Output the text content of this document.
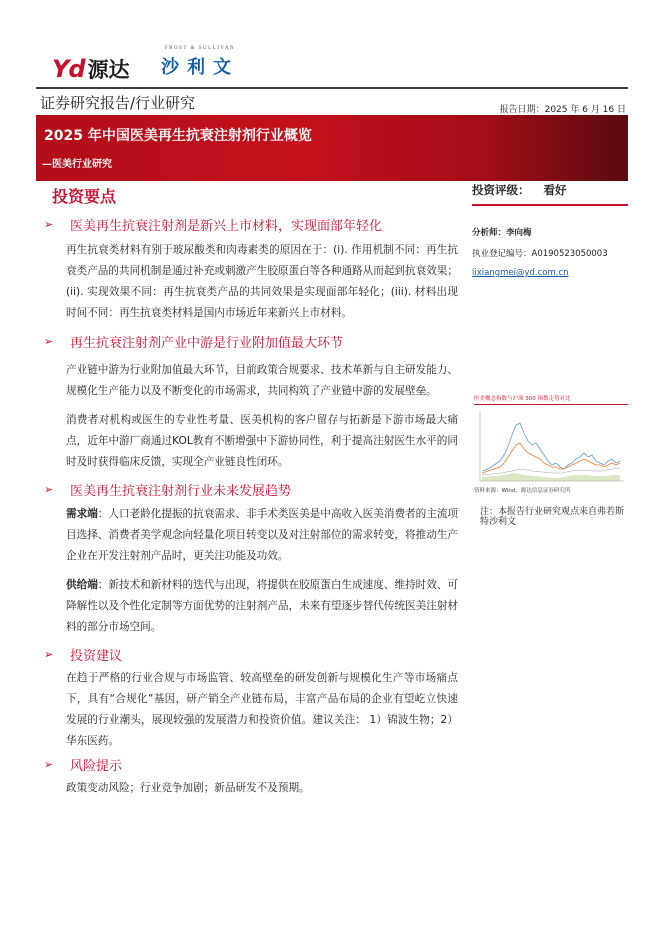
Yd 源达
FROST & SULLIVAN
沙利文
证券研究报告/行业研究	报告日期：2025 年 6 月 16 日
2025 年中国医美再生抗衰注射剂行业概览
—医美行业研究
投资要点
➢	医美再生抗衰注射剂是新兴上市材料，实现面部年轻化
再生抗衰类材料有别于玻尿酸类和肉毒素类的原因在于：(i). 作用机制不同：再生抗衰类产品的共同机制是通过补充或刺激产生胶原蛋白等各种通路从而起到抗衰效果；(ii). 实现效果不同：再生抗衰类产品的共同效果是实现面部年轻化；(iii). 材料出现时间不同：再生抗衰类材料是国内市场近年来新兴上市材料。
➢	再生抗衰注射剂产业中游是行业附加值最大环节
产业链中游为行业附加值最大环节，目前政策合规要求、技术革新与自主研发能力、规模化生产能力以及不断变化的市场需求，共同构筑了产业链中游的发展壁垒。
消费者对机构或医生的专业性考量、医美机构的客户留存与拓新是下游市场最大痛点，近年中游厂商通过KOL教育不断增强中下游协同性，利于提高注射医生水平的同时及时获得临床反馈，实现全产业链良性闭环。
➢	医美再生抗衰注射剂行业未来发展趋势
需求端：人口老龄化提振的抗衰需求、非手术类医美是中高收入医美消费者的主流项目选择、消费者美学观念向轻量化项目转变以及对注射部位的需求转变，将推动生产企业在开发注射剂产品时，更关注功能及功效。
供给端：新技术和新材料的迭代与出现，将提供在胶原蛋白生成速度、维持时效、可降解性以及个性化定制等方面优势的注射剂产品，未来有望逐步替代传统医美注射材料的部分市场空间。
➢	投资建议
在趋于严格的行业合规与市场监管、较高壁垒的研发创新与规模化生产等市场痛点下，具有“合规化”基因，研产销全产业链布局，丰富产品布局的企业有望屹立快速发展的行业潮头，展现较强的发展潜力和投资价值。建议关注： 1）锦波生物；2）华东医药。
➢	风险提示
政策变动风险；行业竞争加剧；新品研发不及预期。
投资评级： 看好
分析师：李向梅
执业登记编号：A0190523050003
lixiangmei@yd.com.cn
医美概念指数与沪深 300 指数走势对比
资料来源：Wind，源达信息证券研究所
注：本报告行业研究观点来自弗若斯特沙利文
